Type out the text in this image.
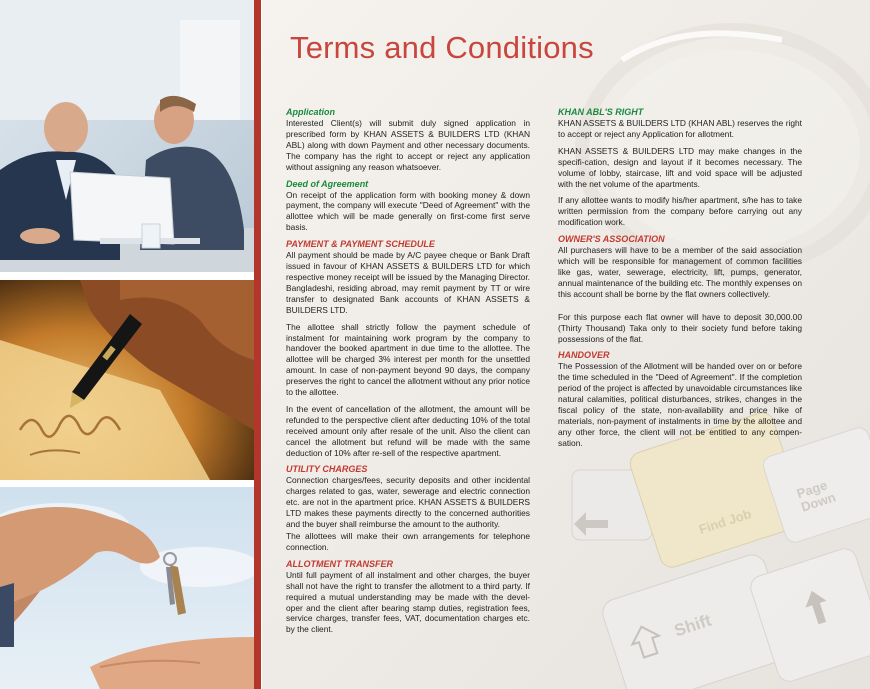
Page Down
Find Job
Shift
Terms and Conditions
Application

Interested Client(s) will submit duly signed application in prescribed form by KHAN ASSETS & BUILDERS LTD (KHAN ABL) along with down Payment and other necessary documents. The company has the right to accept or reject any application without assigning any reason whatsoever.

Deed of Agreement

On receipt of the application form with booking money & down payment, the company will execute "Deed of Agreement" with the allottee which will be made generally on first-come first serve basis.

PAYMENT & PAYMENT SCHEDULE

All payment should be made by A/C payee cheque or Bank Draft issued in favour of KHAN ASSETS & BUILDERS LTD for which respective money receipt will be issued by the Managing Director. Bangladeshi, residing abroad, may remit payment by TT or wire transfer to designated Bank accounts of KHAN ASSETS & BUILDERS LTD.

The allottee shall strictly follow the payment schedule of instalment for maintaining work program by the company to handover the booked apartment in due time to the allottee. The allottee will be charged 3% interest per month for the unsettled amount. In case of non-payment beyond 90 days, the company preserves the right to cancel the allotment without any prior notice to the allottee.

In the event of cancellation of the allotment, the amount will be refunded to the perspective client after deducting 10% of the total received amount only after resale of the unit. Also the client can cancel the allotment but refund will be made with the same deduction of 10% after re-sell of the respective apartment.

UTILITY CHARGES

Connection charges/fees, security deposits and other incidental charges related to gas, water, sewerage and electric connection etc. are not in the apartment price. KHAN ASSETS & BUILDERS LTD makes these payments directly to the concerned authorities and the buyer shall reimburse the amount to the authority.

The allottees will make their own arrangements for telephone connection.

ALLOTMENT TRANSFER

Until full payment of all instalment and other charges, the buyer shall not have the right to transfer the allotment to a third party. If required a mutual understanding may be made with the devel-oper and the client after bearing stamp duties, registration fees, service charges, transfer fees, VAT, documentation charges etc. by the client.

KHAN ABL'S RIGHT

KHAN ASSETS & BUILDERS LTD (KHAN ABL) reserves the right to accept or reject any Application for allotment.

KHAN ASSETS & BUILDERS LTD may make changes in the specifi-cation, design and layout if it becomes necessary. The volume of lobby, staircase, lift and void space will be adjusted with the net volume of the apartments.

If any allottee wants to modify his/her apartment, s/he has to take written permission from the company before carrying out any modification work.

OWNER'S ASSOCIATION

All purchasers will have to be a member of the said association which will be responsible for management of common facilities like gas, water, sewerage, electricity, lift, pumps, generator, annual maintenance of the building etc. The monthly expenses on this account shall be borne by the flat owners collectively.

For this purpose each flat owner will have to deposit 30,000.00 (Thirty Thousand) Taka only to their society fund before taking possessions of the flat.

HANDOVER

The Possession of the Allotment will be handed over on or before the time scheduled in the "Deed of Agreement". If the completion period of the project is affected by unavoidable circumstances like natural calamities, political disturbances, strikes, changes in the fiscal policy of the state, non-availability and price hike of materials, non-payment of instalments in time by the allottee and any other force, the client will not be entitled to any compen-sation.
